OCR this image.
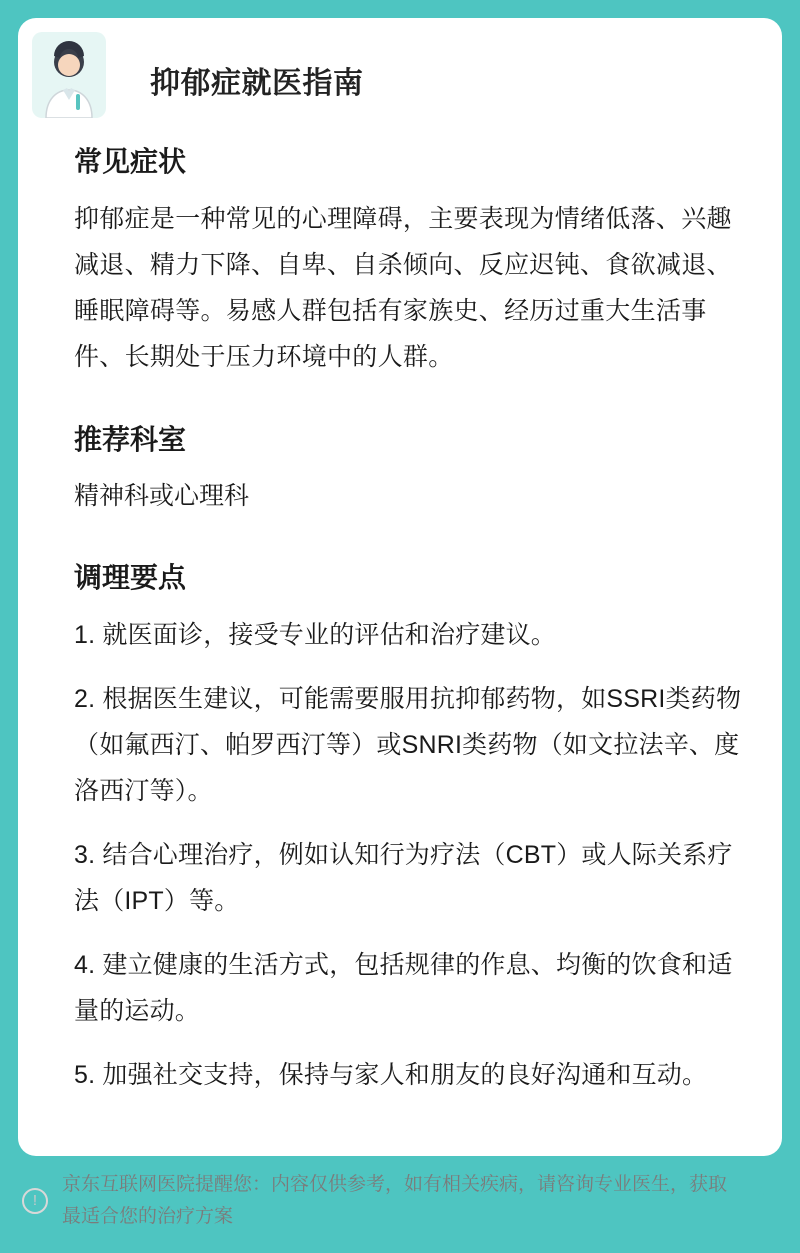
抑郁症就医指南
常见症状

抑郁症是一种常见的心理障碍，主要表现为情绪低落、兴趣减退、精力下降、自卑、自杀倾向、反应迟钝、食欲减退、睡眠障碍等。易感人群包括有家族史、经历过重大生活事件、长期处于压力环境中的人群。

推荐科室

精神科或心理科

调理要点
1. 就医面诊，接受专业的评估和治疗建议。
2. 根据医生建议，可能需要服用抗抑郁药物，如SSRI类药物（如氟西汀、帕罗西汀等）或SNRI类药物（如文拉法辛、度洛西汀等）。
3. 结合心理治疗，例如认知行为疗法（CBT）或人际关系疗法（IPT）等。
4. 建立健康的生活方式，包括规律的作息、均衡的饮食和适量的运动。
5. 加强社交支持，保持与家人和朋友的良好沟通和互动。
!
京东互联网医院提醒您：内容仅供参考，如有相关疾病，请咨询专业医生，获取最适合您的治疗方案
